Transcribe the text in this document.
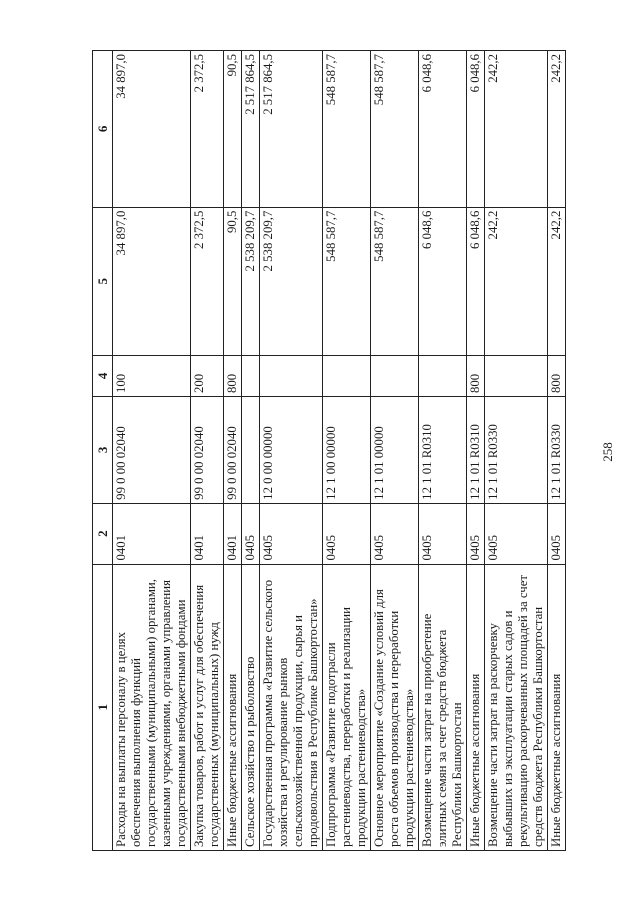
258
1	2	3	4	5	6
Расходы на выплаты персоналу в целях обеспечения выполнения функций государственными (муниципальными) органами, казенными учреждениями, органами управления государственными внебюджетными фондами	0401	99 0 00 02040	100	34 897,0	34 897,0
Закупка товаров, работ и услуг для обеспечения государственных (муниципальных) нужд	0401	99 0 00 02040	200	2 372,5	2 372,5
Иные бюджетные ассигнования	0401	99 0 00 02040	800	90,5	90,5
Сельское хозяйство и рыболовство	0405			2 538 209,7	2 517 864,5
Государственная программа «Развитие сельского хозяйства и регулирование рынков сельскохозяйственной продукции, сырья и продовольствия в Республике Башкортостан»	0405	12 0 00 00000		2 538 209,7	2 517 864,5
Подпрограмма «Развитие подотрасли растениеводства, переработки и реализации продукции растениеводства»	0405	12 1 00 00000		548 587,7	548 587,7
Основное мероприятие «Создание условий для роста объемов производства и переработки продукции растениеводства»	0405	12 1 01 00000		548 587,7	548 587,7
Возмещение части затрат на приобретение элитных семян за счет средств бюджета Республики Башкортостан	0405	12 1 01 R0310		6 048,6	6 048,6
Иные бюджетные ассигнования	0405	12 1 01 R0310	800	6 048,6	6 048,6
Возмещение части затрат на раскорчевку выбывших из эксплуатации старых садов и рекультивацию раскорчеванных площадей за счет средств бюджета Республики Башкортостан	0405	12 1 01 R0330		242,2	242,2
Иные бюджетные ассигнования	0405	12 1 01 R0330	800	242,2	242,2
